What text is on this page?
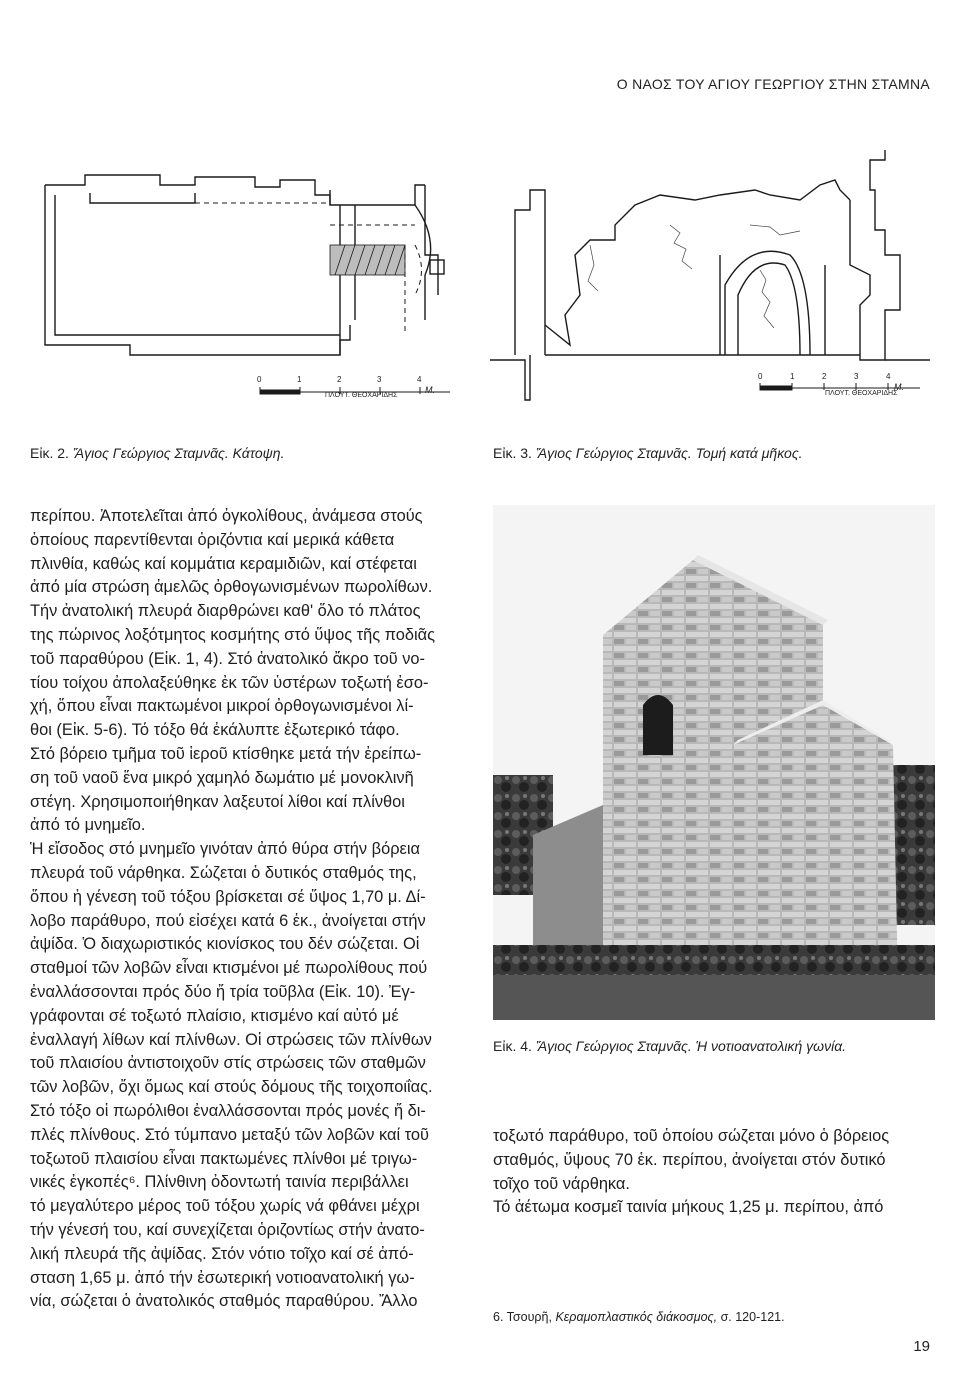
Ο ΝΑΟΣ ΤΟΥ ΑΓΙΟΥ ΓΕΩΡΓΙΟΥ ΣΤΗΝ ΣΤΑΜΝΑ
0	1	2	3	4
M.
ΠΛΟΥΤ. ΘΕΟΧΑΡΙΔΗΣ
0	1	2	3	4
M.
ΠΛΟΥΤ. ΘΕΟΧΑΡΙΔΗΣ
Εἰκ. 2. Ἅγιος Γεώργιος Σταμνᾶς. Κάτοψη.	Εἰκ. 3. Ἅγιος Γεώργιος Σταμνᾶς. Τομή κατά μῆκος.

περίπου. Ἀποτελεῖται ἀπό ὀγκολίθους, ἀνάμεσα στούς

ὁποίους παρεντίθενται ὁριζόντια καί μερικά κάθετα

πλινθία, καθώς καί κομμάτια κεραμιδιῶν, καί στέφεται

ἀπό μία στρώση ἀμελῶς ὀρθογωνισμένων πωρολίθων.

Τήν ἀνατολική πλευρά διαρθρώνει καθ' ὅλο τό πλάτος

της πώρινος λοξότμητος κοσμήτης στό ὕψος τῆς ποδιᾶς

τοῦ παραθύρου (Εἰκ. 1, 4). Στό ἀνατολικό ἄκρο τοῦ νο-

τίου τοίχου ἀπολαξεύθηκε ἐκ τῶν ὑστέρων τοξωτή ἐσο-

χή, ὅπου εἶναι πακτωμένοι μικροί ὀρθογωνισμένοι λί-

θοι (Εἰκ. 5-6). Τό τόξο θά ἐκάλυπτε ἐξωτερικό τάφο.

Στό βόρειο τμῆμα τοῦ ἱεροῦ κτίσθηκε μετά τήν ἐρείπω-

ση τοῦ ναοῦ ἕνα μικρό χαμηλό δωμάτιο μέ μονοκλινῆ

στέγη. Χρησιμοποιήθηκαν λαξευτοί λίθοι καί πλίνθοι

ἀπό τό μνημεῖο.

Ἡ εἴσοδος στό μνημεῖο γινόταν ἀπό θύρα στήν βόρεια

πλευρά τοῦ νάρθηκα. Σώζεται ὁ δυτικός σταθμός της,

ὅπου ἡ γένεση τοῦ τόξου βρίσκεται σέ ὕψος 1,70 μ. Δί-

λοβο παράθυρο, πού εἰσέχει κατά 6 ἑκ., ἀνοίγεται στήν

ἀψίδα. Ὁ διαχωριστικός κιονίσκος του δέν σώζεται. Οἱ

σταθμοί τῶν λοβῶν εἶναι κτισμένοι μέ πωρολίθους πού

ἐναλλάσσονται πρός δύο ἤ τρία τοῦβλα (Εἰκ. 10). Ἐγ-

γράφονται σέ τοξωτό πλαίσιο, κτισμένο καί αὐτό μέ

ἐναλλαγή λίθων καί πλίνθων. Οἱ στρώσεις τῶν πλίνθων

τοῦ πλαισίου ἀντιστοιχοῦν στίς στρώσεις τῶν σταθμῶν

τῶν λοβῶν, ὄχι ὅμως καί στούς δόμους τῆς τοιχοποιΐας.

Στό τόξο οἱ πωρόλιθοι ἐναλλάσσονται πρός μονές ἤ δι-

πλές πλίνθους. Στό τύμπανο μεταξύ τῶν λοβῶν καί τοῦ

τοξωτοῦ πλαισίου εἶναι πακτωμένες πλίνθοι μέ τριγω-

νικές ἐγκοπές⁶. Πλίνθινη ὀδοντωτή ταινία περιβάλλει

τό μεγαλύτερο μέρος τοῦ τόξου χωρίς νά φθάνει μέχρι

τήν γένεσή του, καί συνεχίζεται ὁριζοντίως στήν ἀνατο-

λική πλευρά τῆς ἀψίδας. Στόν νότιο τοῖχο καί σέ ἀπό-

σταση 1,65 μ. ἀπό τήν ἐσωτερική νοτιοανατολική γω-

νία, σώζεται ὁ ἀνατολικός σταθμός παραθύρου. Ἄλλο

Εἰκ. 4. Ἅγιος Γεώργιος Σταμνᾶς. Ἡ νοτιοανατολική γωνία.

τοξωτό παράθυρο, τοῦ ὁποίου σώζεται μόνο ὁ βόρειος

σταθμός, ὕψους 70 ἑκ. περίπου, ἀνοίγεται στόν δυτικό

τοῖχο τοῦ νάρθηκα.

Τό ἀέτωμα κοσμεῖ ταινία μήκους 1,25 μ. περίπου, ἀπό

6. Τσουρῆ, Κεραμοπλαστικός διάκοσμος, σ. 120-121.
19
